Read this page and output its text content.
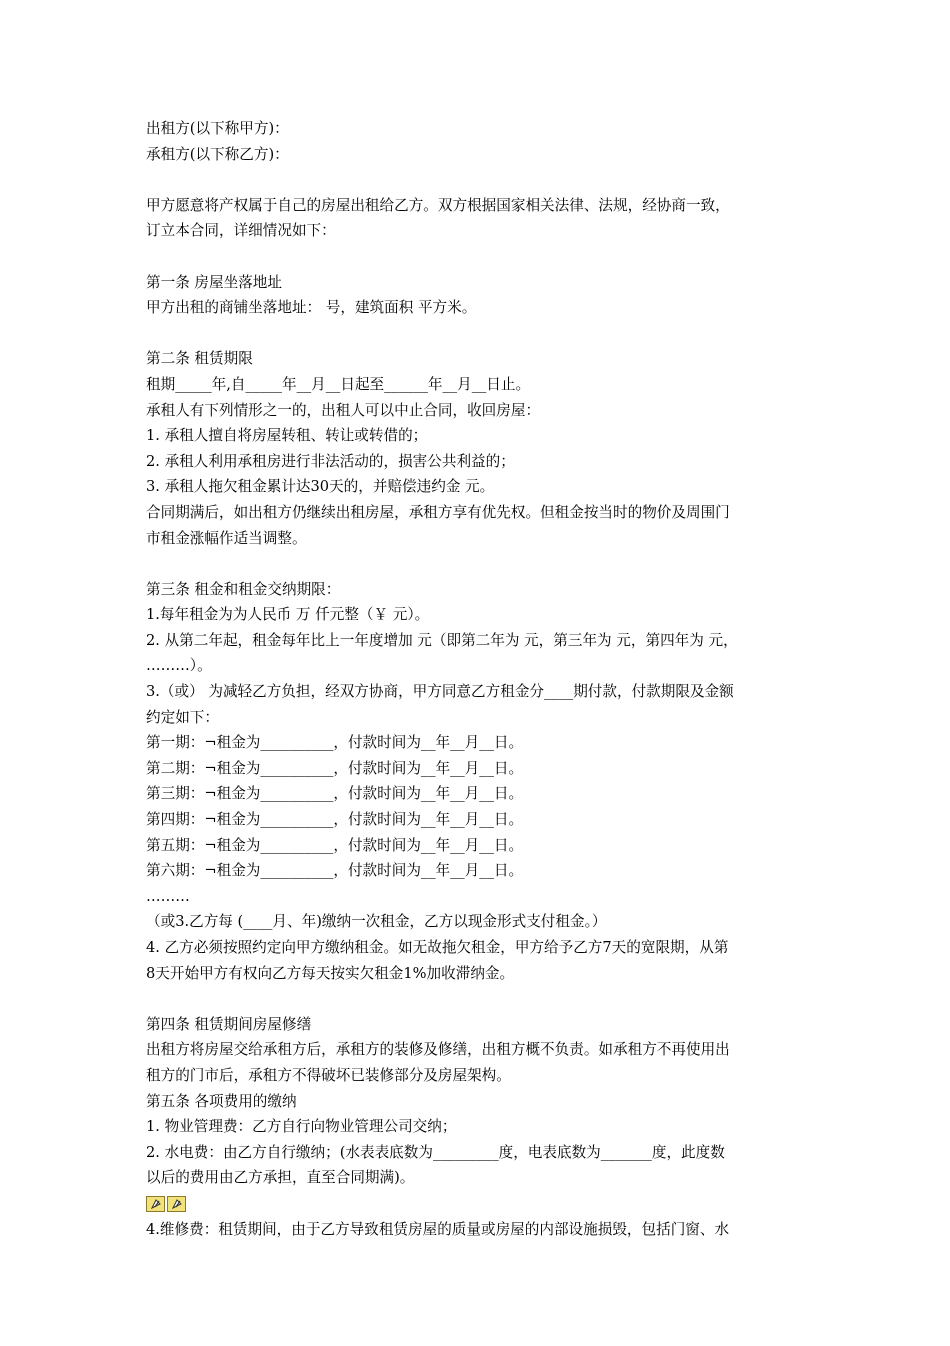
出租方(以下称甲方)：
承租方(以下称乙方)：
甲方愿意将产权属于自己的房屋出租给乙方。双方根据国家相关法律、法规，经协商一致，
订立本合同，详细情况如下：
第一条 房屋坐落地址
甲方出租的商铺坐落地址： 号，建筑面积 平方米。
第二条 租赁期限
租期_____年,自_____年__月__日起至______年__月__日止。
承租人有下列情形之一的，出租人可以中止合同，收回房屋：
1. 承租人擅自将房屋转租、转让或转借的；
2. 承租人利用承租房进行非法活动的，损害公共利益的；
3. 承租人拖欠租金累计达30天的，并赔偿违约金 元。
合同期满后，如出租方仍继续出租房屋，承租方享有优先权。但租金按当时的物价及周围门
市租金涨幅作适当调整。
第三条 租金和租金交纳期限：
1.每年租金为为人民币 万 仟元整（￥ 元）。
2. 从第二年起，租金每年比上一年度增加 元（即第二年为 元，第三年为 元，第四年为 元，
………）。
3.（或） 为减轻乙方负担，经双方协商，甲方同意乙方租金分____期付款，付款期限及金额
约定如下：
第一期：¬租金为__________，付款时间为__年__月__日。
第二期：¬租金为__________，付款时间为__年__月__日。
第三期：¬租金为__________，付款时间为__年__月__日。
第四期：¬租金为__________，付款时间为__年__月__日。
第五期：¬租金为__________，付款时间为__年__月__日。
第六期：¬租金为__________，付款时间为__年__月__日。
………
（或3.乙方每 (____月、年)缴纳一次租金，乙方以现金形式支付租金。）
4. 乙方必须按照约定向甲方缴纳租金。如无故拖欠租金，甲方给予乙方7天的宽限期，从第
8天开始甲方有权向乙方每天按实欠租金1%加收滞纳金。
第四条 租赁期间房屋修缮
出租方将房屋交给承租方后，承租方的装修及修缮，出租方概不负责。如承租方不再使用出
租方的门市后，承租方不得破坏已装修部分及房屋架构。
第五条 各项费用的缴纳
1. 物业管理费：乙方自行向物业管理公司交纳；
2. 水电费：由乙方自行缴纳；(水表表底数为_________度，电表底数为_______度，此度数
以后的费用由乙方承担，直至合同期满)。
4.维修费：租赁期间，由于乙方导致租赁房屋的质量或房屋的内部设施损毁，包括门窗、水
